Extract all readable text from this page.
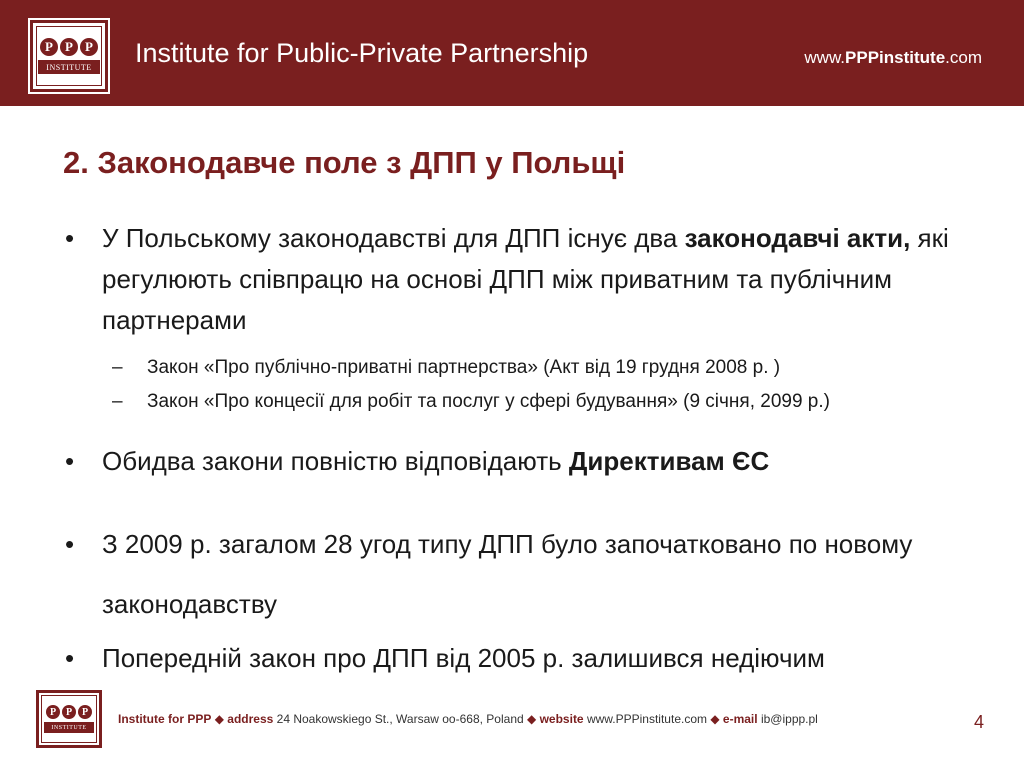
P P P
INSTITUTE	Institute for Public-Private Partnership	www.PPPinstitute.com
2. Законодавче поле з ДПП у Польщі
• У Польському законодавстві для ДПП існує два законодавчі акти, які регулюють співпрацю на основі ДПП між приватним та публічним партнерами
– Закон «Про публічно-приватні партнерства» (Акт від 19 грудня 2008 р. )
– Закон «Про концесії для робіт та послуг у сфері будування» (9 січня, 2099 р.)
• Обидва закони повністю відповідають Директивам ЄС
• З 2009 р. загалом 28 угод типу ДПП було започатковано по новому законодавству
• Попередній закон про ДПП від 2005 р. залишився недіючим
P P P
INSTITUTE
Institute for PPP ◆ address 24 Noakowskiego St., Warsaw oo-668, Poland ◆ website www.PPPinstitute.com ◆ e-mail ib@ippp.pl	4
